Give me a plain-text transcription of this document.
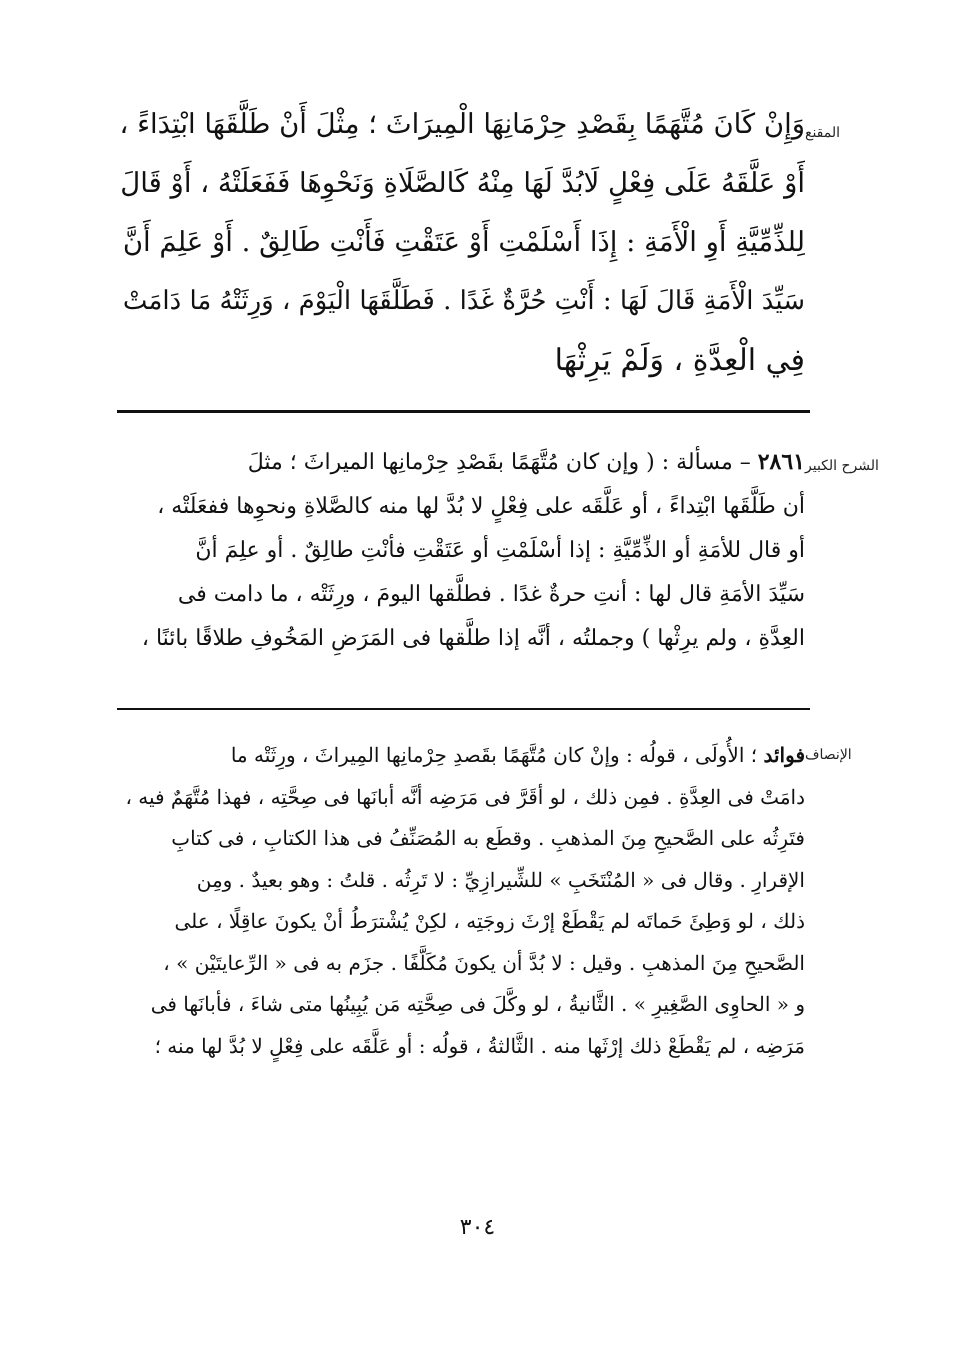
المقنع
وَإِنْ كَانَ مُتَّهَمًا بِقَصْدِ حِرْمَانِهَا الْمِيرَاثَ ؛ مِثْلَ أَنْ طَلَّقَهَا ابْتِدَاءً ،
أَوْ عَلَّقَهُ عَلَى فِعْلٍ لَابُدَّ لَهَا مِنْهُ كَالصَّلَاةِ وَنَحْوِهَا فَفَعَلَتْهُ ، أَوْ قَالَ
لِلذِّمِّيَّةِ أَوِ الْأَمَةِ : إِذَا أَسْلَمْتِ أَوْ عَتَقْتِ فَأَنْتِ طَالِقٌ . أَوْ عَلِمَ أَنَّ
سَيِّدَ الْأَمَةِ قَالَ لَهَا : أَنْتِ حُرَّةٌ غَدًا . فَطَلَّقَهَا الْيَوْمَ ، وَرِثَتْهُ مَا دَامَتْ
فِي الْعِدَّةِ ، وَلَمْ يَرِثْهَا
الشرح الكبير
٢٨٦١ – مسألة : ( وإن كان مُتَّهَمًا بقَصْدِ حِرْمانِها الميراثَ ؛ مثلَ
أن طَلَّقَها ابْتِداءً ، أو عَلَّقَه على فِعْلٍ لا بُدَّ لها منه كالصَّلاةِ ونحوِها ففعَلَتْه ،
أو قال للأمَةِ أو الذِّمِّيَّةِ : إذا أسْلَمْتِ أو عَتَقْتِ فأنْتِ طالِقٌ . أو علِمَ أنَّ
سَيِّدَ الأمَةِ قال لها : أنتِ حرةٌ غدًا . فطلَّقها اليومَ ، ورِثَتْه ، ما دامت فى
العِدَّةِ ، ولم يرِثْها ) وجملتُه ، أنَّه إذا طلَّقها فى المَرَضِ المَخُوفِ طلاقًا بائنًا ،
الإنصاف
فوائد ؛ الأُولَى ، قولُه : وإنْ كان مُتَّهَمًا بقَصدِ حِرْمانِها المِيراثَ ، ورِثَتْه ما
دامَتْ فى العِدَّةِ . فمِن ذلك ، لو أقَرَّ فى مَرَضِه أنَّه أبانَها فى صِحَّتِه ، فهذا مُتَّهَمٌ فيه ،
فتَرِثُه على الصَّحيحِ مِنَ المذهبِ . وقطَع به المُصَنِّفُ فى هذا الكتابِ ، فى كتابِ
الإقرارِ . وقال فى « المُنْتَخَبِ » للشِّيرازِيِّ : لا تَرِثُه . قلتُ : وهو بعيدٌ . ومِن
ذلك ، لو وَطِئَ حَماتَه لم يَقْطَعْ إرْثَ زوجَتِه ، لكِنْ يُشْترَطُ أنْ يكونَ عاقِلًا ، على
الصَّحيحِ مِنَ المذهبِ . وقيل : لا بُدَّ أن يكونَ مُكَلَّفًا . جزَم به فى « الرِّعايتَيْن » ،
و « الحاوِى الصَّغِيرِ » . الثَّانيةُ ، لو وكَّلَ فى صِحَّتِه مَن يُبِينُها متى شاءَ ، فأبانَها فى
مَرَضِه ، لم يَقْطَعْ ذلك إرْثَها منه . الثَّالثةُ ، قولُه : أو عَلَّقَه على فِعْلٍ لا بُدَّ لها منه ؛
٣٠٤
